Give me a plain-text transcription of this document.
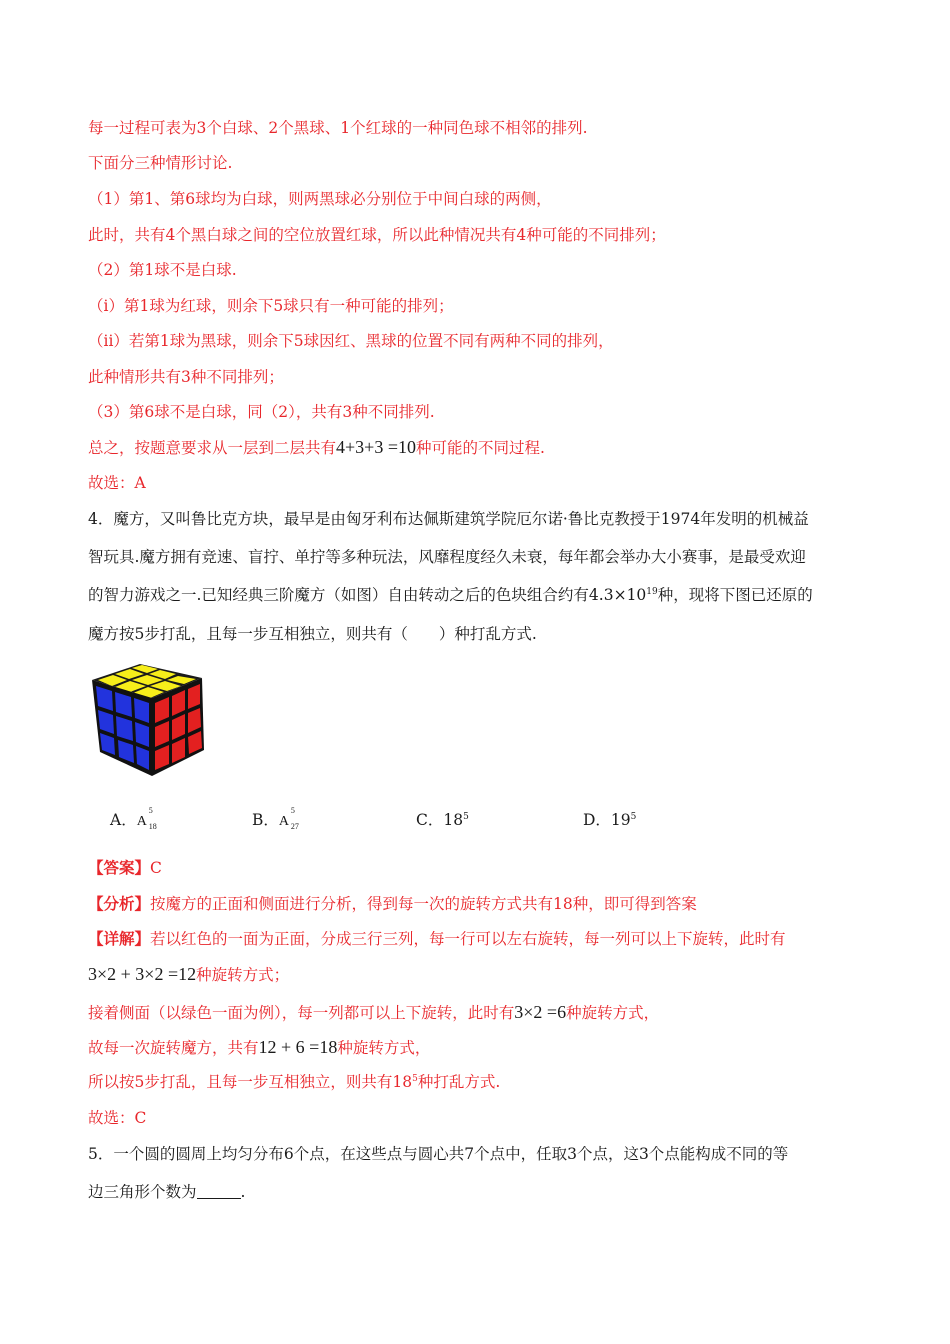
每一过程可表为3个白球、2个黑球、1个红球的一种同色球不相邻的排列.
下面分三种情形讨论.
（1）第1、第6球均为白球，则两黑球必分别位于中间白球的两侧，
此时，共有4个黑白球之间的空位放置红球，所以此种情况共有4种可能的不同排列；
（2）第1球不是白球.
（i）第1球为红球，则余下5球只有一种可能的排列；
（ii）若第1球为黑球，则余下5球因红、黑球的位置不同有两种不同的排列，
此种情形共有3种不同排列；
（3）第6球不是白球，同（2），共有3种不同排列.
总之，按题意要求从一层到二层共有4+3+3 =10种可能的不同过程.
故选：A
4．魔方，又叫鲁比克方块，最早是由匈牙利布达佩斯建筑学院厄尔诺·鲁比克教授于1974年发明的机械益
智玩具.魔方拥有竞速、盲拧、单拧等多种玩法，风靡程度经久未衰，每年都会举办大小赛事，是最受欢迎
的智力游戏之一.已知经典三阶魔方（如图）自由转动之后的色块组合约有$4.3\times 10^{19}$种，现将下图已还原的
魔方按5步打乱，且每一步互相独立，则共有（　　）种打乱方式.
A．A
5
18	B．A
5
27	C．$18^5$	D．$19^5$
【答案】C
【分析】按魔方的正面和侧面进行分析，得到每一次的旋转方式共有18种，即可得到答案
【详解】若以红色的一面为正面，分成三行三列，每一行可以左右旋转，每一列可以上下旋转，此时有
3×2 + 3×2 =12种旋转方式；
接着侧面（以绿色一面为例），每一列都可以上下旋转，此时有3×2 =6种旋转方式，
故每一次旋转魔方，共有12 + 6 =18种旋转方式，
所以按5步打乱，且每一步互相独立，则共有$18^5$种打乱方式.
故选：C
5．一个圆的圆周上均匀分布6个点，在这些点与圆心共7个点中，任取3个点，这3个点能构成不同的等
边三角形个数为	.
